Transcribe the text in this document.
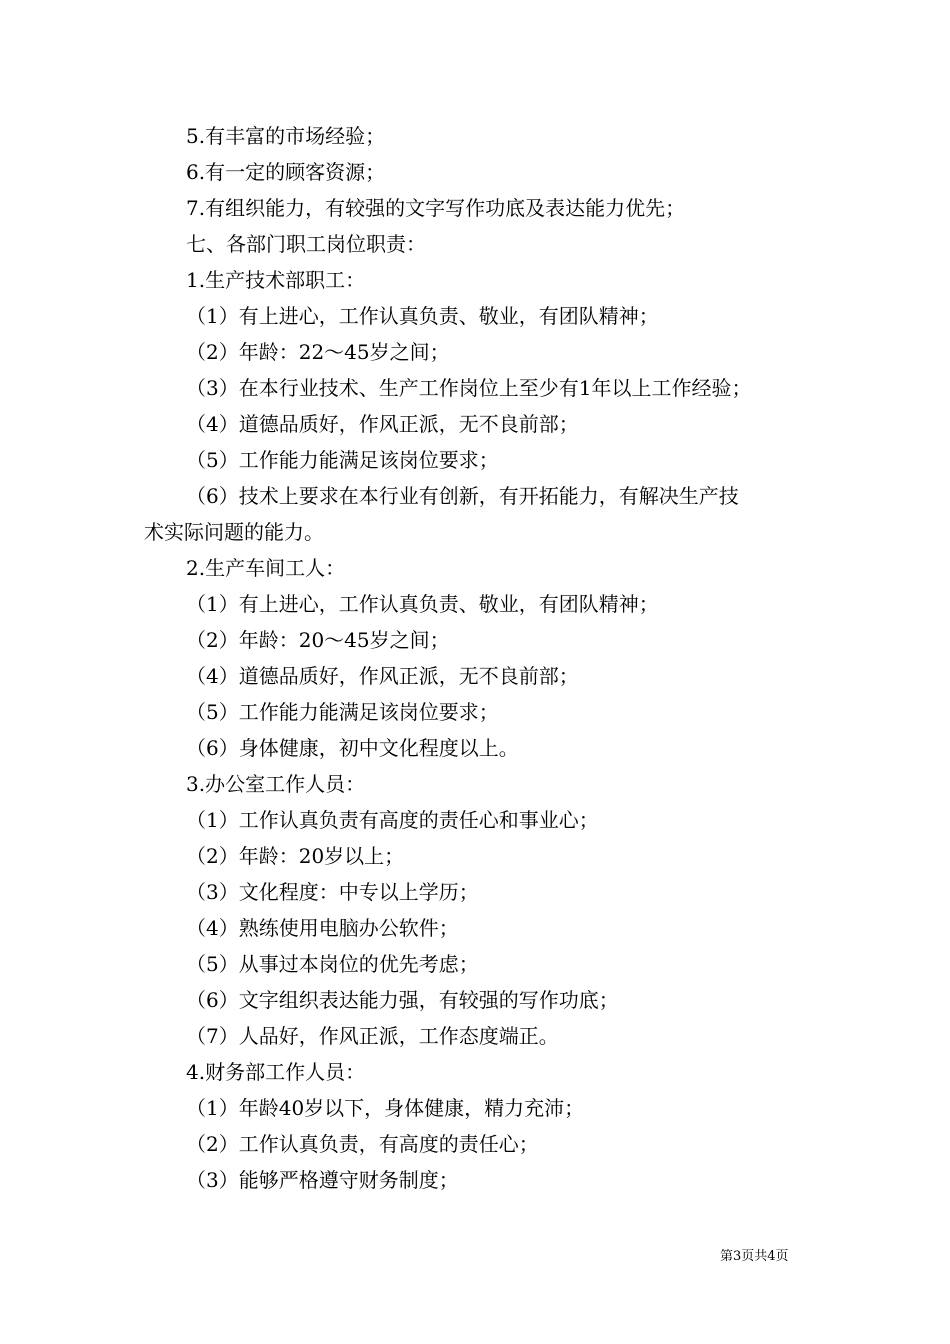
5.有丰富的市场经验；
6.有一定的顾客资源；
7.有组织能力，有较强的文字写作功底及表达能力优先；
七、各部门职工岗位职责：
1.生产技术部职工：
（1）有上进心，工作认真负责、敬业，有团队精神；
（2）年龄：22～45岁之间；
（3）在本行业技术、生产工作岗位上至少有1年以上工作经验；
（4）道德品质好，作风正派，无不良前部；
（5）工作能力能满足该岗位要求；
（6）技术上要求在本行业有创新，有开拓能力，有解决生产技
术实际问题的能力。
2.生产车间工人：
（1）有上进心，工作认真负责、敬业，有团队精神；
（2）年龄：20～45岁之间；
（4）道德品质好，作风正派，无不良前部；
（5）工作能力能满足该岗位要求；
（6）身体健康，初中文化程度以上。
3.办公室工作人员：
（1）工作认真负责有高度的责任心和事业心；
（2）年龄：20岁以上；
（3）文化程度：中专以上学历；
（4）熟练使用电脑办公软件；
（5）从事过本岗位的优先考虑；
（6）文字组织表达能力强，有较强的写作功底；
（7）人品好，作风正派，工作态度端正。
4.财务部工作人员：
（1）年龄40岁以下，身体健康，精力充沛；
（2）工作认真负责，有高度的责任心；
（3）能够严格遵守财务制度；
第3页共4页
